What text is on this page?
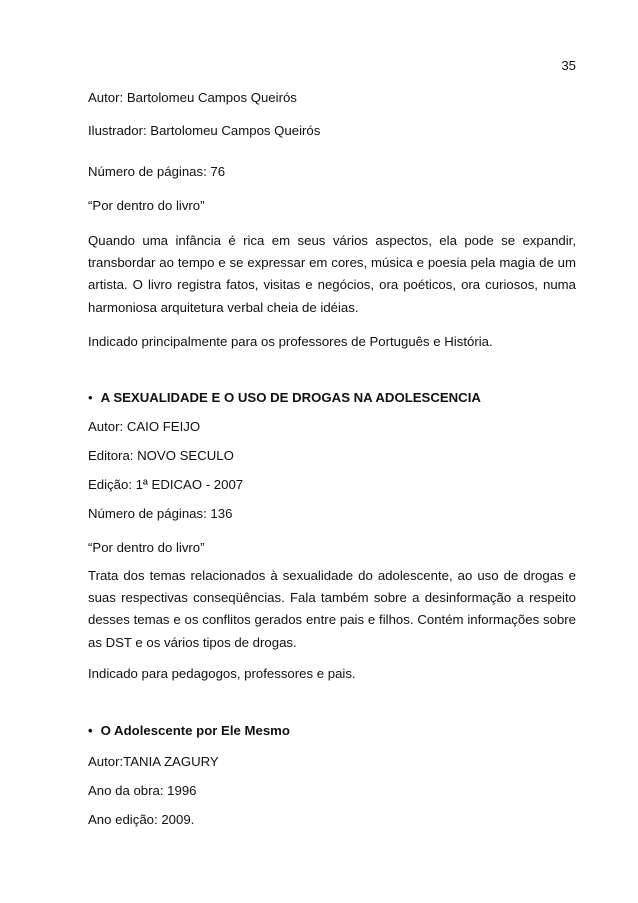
35
Autor: Bartolomeu Campos Queirós
Ilustrador: Bartolomeu Campos Queirós
Número de páginas: 76
“Por dentro do livro”
Quando uma infância é rica em seus vários aspectos, ela pode se expandir, transbordar ao tempo e se expressar em cores, música e poesia pela magia de um artista. O livro registra fatos, visitas e negócios, ora poéticos, ora curiosos, numa harmoniosa arquitetura verbal cheia de idéias.
Indicado principalmente para os professores de Português e História.
• A SEXUALIDADE E O USO DE DROGAS NA ADOLESCENCIA
Autor: CAIO FEIJO
Editora: NOVO SECULO
Edição: 1ª EDICAO - 2007
Número de páginas: 136
“Por dentro do livro”
Trata dos temas relacionados à sexualidade do adolescente, ao uso de drogas e suas respectivas conseqüências. Fala também sobre a desinformação a respeito desses temas e os conflitos gerados entre pais e filhos. Contém informações sobre as DST e os vários tipos de drogas.
Indicado para pedagogos, professores e pais.
• O Adolescente por Ele Mesmo
Autor:TANIA ZAGURY
Ano da obra: 1996
Ano edição: 2009.
